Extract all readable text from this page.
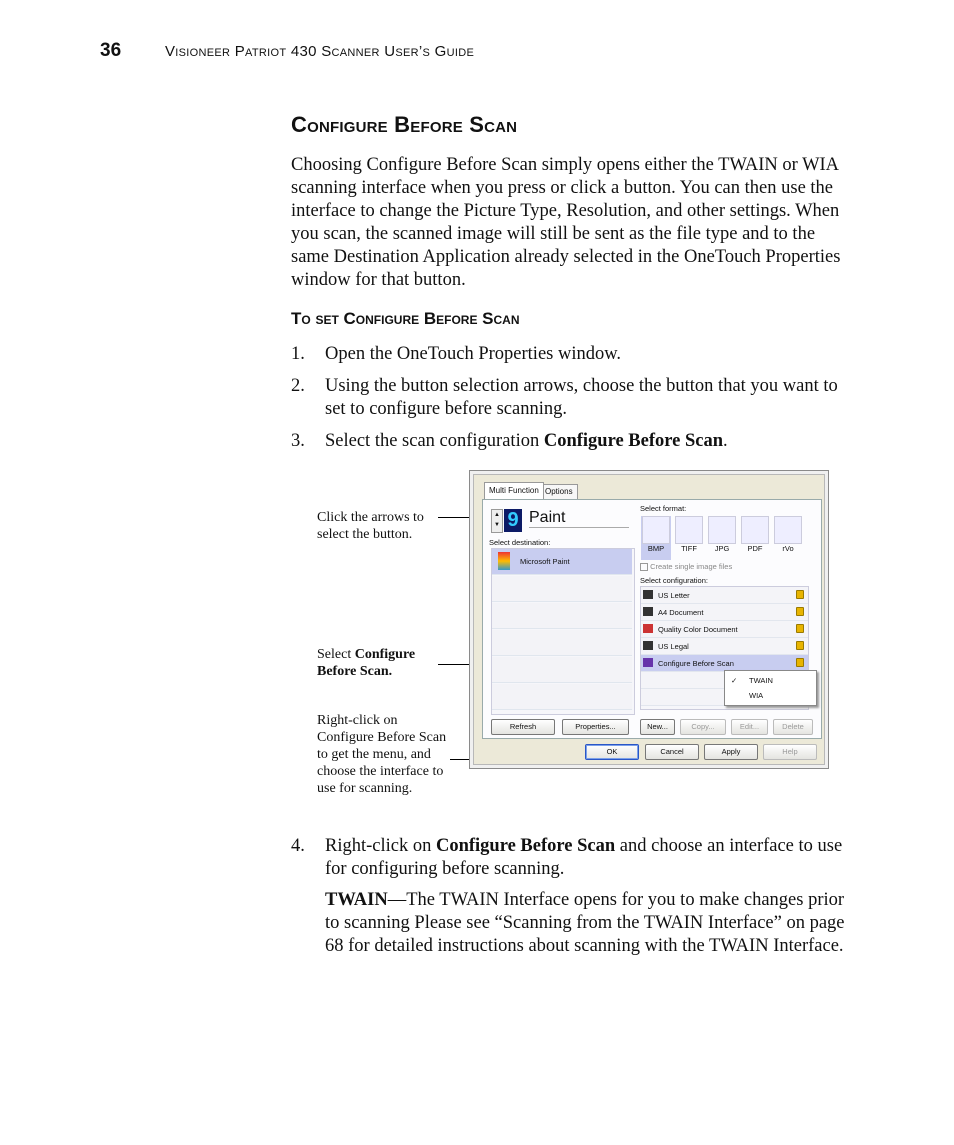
36	Visioneer Patriot 430 Scanner User’s Guide
Configure Before Scan
Choosing Configure Before Scan simply opens either the TWAIN or WIA scanning interface when you press or click a button. You can then use the interface to change the Picture Type, Resolution, and other settings. When you scan, the scanned image will still be sent as the file type and to the same Destination Application already selected in the OneTouch Properties window for that button.
To set Configure Before Scan
1. Open the OneTouch Properties window.
2. Using the button selection arrows, choose the button that you want to set to configure before scanning.
3. Select the scan configuration Configure Before Scan.
Click the arrows to select the button.
Select Configure Before Scan.
Right-click on Configure Before Scan to get the menu, and choose the interface to use for scanning.
Multi Function Options
▲
▼ 9 Paint
Select destination:
Microsoft Paint
Select format:
BMP	TIFF	JPG	PDF	rVo
Create single image files
Select configuration:
US Letter
A4 Document
Quality Color Document
US Legal
Configure Before Scan
✓ TWAIN
WIA
Refresh	Properties...	New...	Copy...	Edit...	Delete
OK	Cancel	Apply	Help
4. Right-click on Configure Before Scan and choose an interface to use for configuring before scanning.
TWAIN—The TWAIN Interface opens for you to make changes prior to scanning Please see “Scanning from the TWAIN Interface” on page 68 for detailed instructions about scanning with the TWAIN Interface.
